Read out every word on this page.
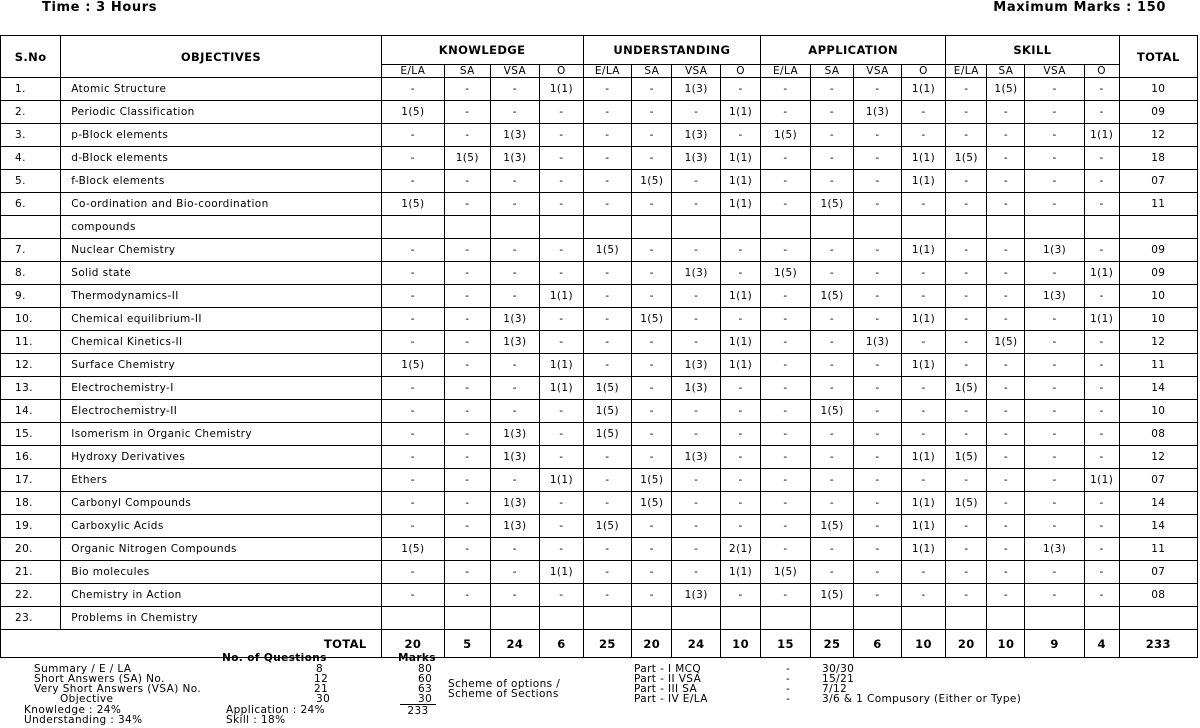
Time : 3 Hours	Maximum Marks : 150
S.No	OBJECTIVES	KNOWLEDGE				UNDERSTANDING				APPLICATION				SKILL				TOTAL
		E/LA	SA	VSA	O	E/LA	SA	VSA	O	E/LA	SA	VSA	O	E/LA	SA	VSA	O	
1.	Atomic Structure	-	-	-	1(1)	-	-	1(3)	-	-	-	-	1(1)	-	1(5)	-	-	10
2.	Periodic Classification	1(5)	-	-	-	-	-	-	1(1)	-	-	1(3)	-	-	-	-	-	09
3.	p-Block elements	-	-	1(3)	-	-	-	1(3)	-	1(5)	-	-	-	-	-	-	1(1)	12
4.	d-Block elements	-	1(5)	1(3)	-	-	-	1(3)	1(1)	-	-	-	1(1)	1(5)	-	-	-	18
5.	f-Block elements	-	-	-	-	-	1(5)	-	1(1)	-	-	-	1(1)	-	-	-	-	07
6.	Co-ordination and Bio-coordination	1(5)	-	-	-	-	-	-	1(1)	-	1(5)	-	-	-	-	-	-	11
	compounds																	
7.	Nuclear Chemistry	-	-	-	-	1(5)	-	-	-	-	-	-	1(1)	-	-	1(3)	-	09
8.	Solid state	-	-	-	-	-	-	1(3)	-	1(5)	-	-	-	-	-	-	1(1)	09
9.	Thermodynamics-II	-	-	-	1(1)	-	-	-	1(1)	-	1(5)	-	-	-	-	1(3)	-	10
10.	Chemical equilibrium-II	-	-	1(3)	-	-	1(5)	-	-	-	-	-	1(1)	-	-	-	1(1)	10
11.	Chemical Kinetics-II	-	-	1(3)	-	-	-	-	1(1)	-	-	1(3)	-	-	1(5)	-	-	12
12.	Surface Chemistry	1(5)	-	-	1(1)	-	-	1(3)	1(1)	-	-	-	1(1)	-	-	-	-	11
13.	Electrochemistry-I	-	-	-	1(1)	1(5)	-	1(3)	-	-	-	-	-	1(5)	-	-	-	14
14.	Electrochemistry-II	-	-	-	-	1(5)	-	-	-	-	1(5)	-	-	-	-	-	-	10
15.	Isomerism in Organic Chemistry	-	-	1(3)	-	1(5)	-	-	-	-	-	-	-	-	-	-	-	08
16.	Hydroxy Derivatives	-	-	1(3)	-	-	-	1(3)	-	-	-	-	1(1)	1(5)	-	-	-	12
17.	Ethers	-	-	-	1(1)	-	1(5)	-	-	-	-	-	-	-	-	-	1(1)	07
18.	Carbonyl Compounds	-	-	1(3)	-	-	1(5)	-	-	-	-	-	1(1)	1(5)	-	-	-	14
19.	Carboxylic Acids	-	-	1(3)	-	1(5)	-	-	-	-	1(5)	-	1(1)	-	-	-	-	14
20.	Organic Nitrogen Compounds	1(5)	-	-	-	-	-	-	2(1)	-	-	-	1(1)	-	-	1(3)	-	11
21.	Bio molecules	-	-	-	1(1)	-	-	-	1(1)	1(5)	-	-	-	-	-	-	-	07
22.	Chemistry in Action	-	-	-	-	-	-	1(3)	-	-	1(5)	-	-	-	-	-	-	08
23.	Problems in Chemistry																	
TOTAL		20	5	24	6	25	20	24	10	15	25	6	10	20	10	9	4	233
No. of Questions	Marks
Summary / E / LA	8	80
Short Answers (SA) No.	12	60
Very Short Answers (VSA) No.	21	63
Objective	30	30
233
Knowledge : 24%	Application : 24%
Understanding : 34%	Skill : 18%
Scheme of options /
Scheme of Sections
Part - I MCQ	-	30/30
Part - II VSA	-	15/21
Part - III SA	-	7/12
Part - IV E/LA	-	3/6 & 1 Compusory (Either or Type)
